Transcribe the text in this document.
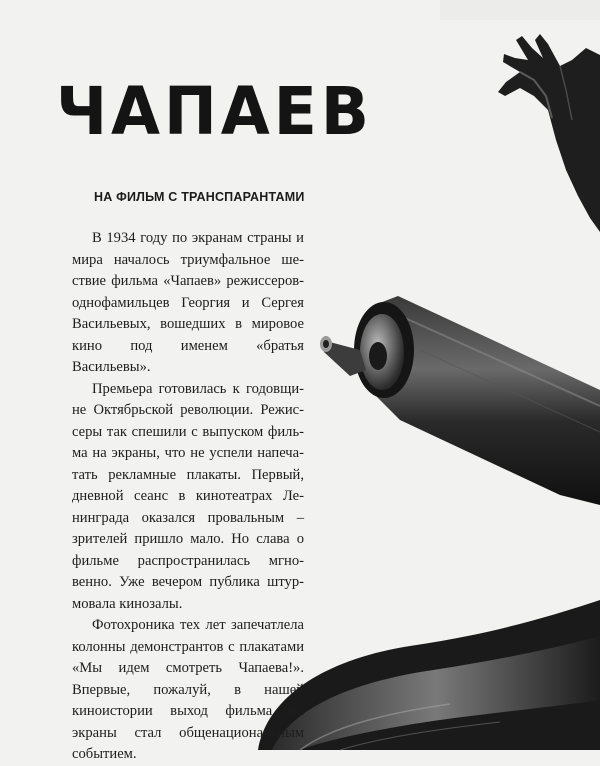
ЧАПАЕВ
НА ФИЛЬМ С ТРАНСПАРАНТАМИ

В 1934 году по экранам страны и мира началось триумфальное шествие фильма «Чапаев» режиссеров-однофамильцев Георгия и Сергея Васильевых, вошедших в мировое кино под именем «братья Васильевы».

Премьера готовилась к годовщине Октябрьской революции. Режиссеры так спешили с выпуском фильма на экраны, что не успели напечатать рекламные плакаты. Первый, дневной сеанс в кинотеатрах Ленинграда оказался провальным – зрителей пришло мало. Но слава о фильме распространилась мгновенно. Уже вечером публика штурмовала кинозалы.

Фотохроника тех лет запечатлела колонны демонстрантов с плакатами «Мы идем смотреть Чапаева!». Впервые, пожалуй, в нашей киноистории выход фильма на экраны стал общенациональным событием.
